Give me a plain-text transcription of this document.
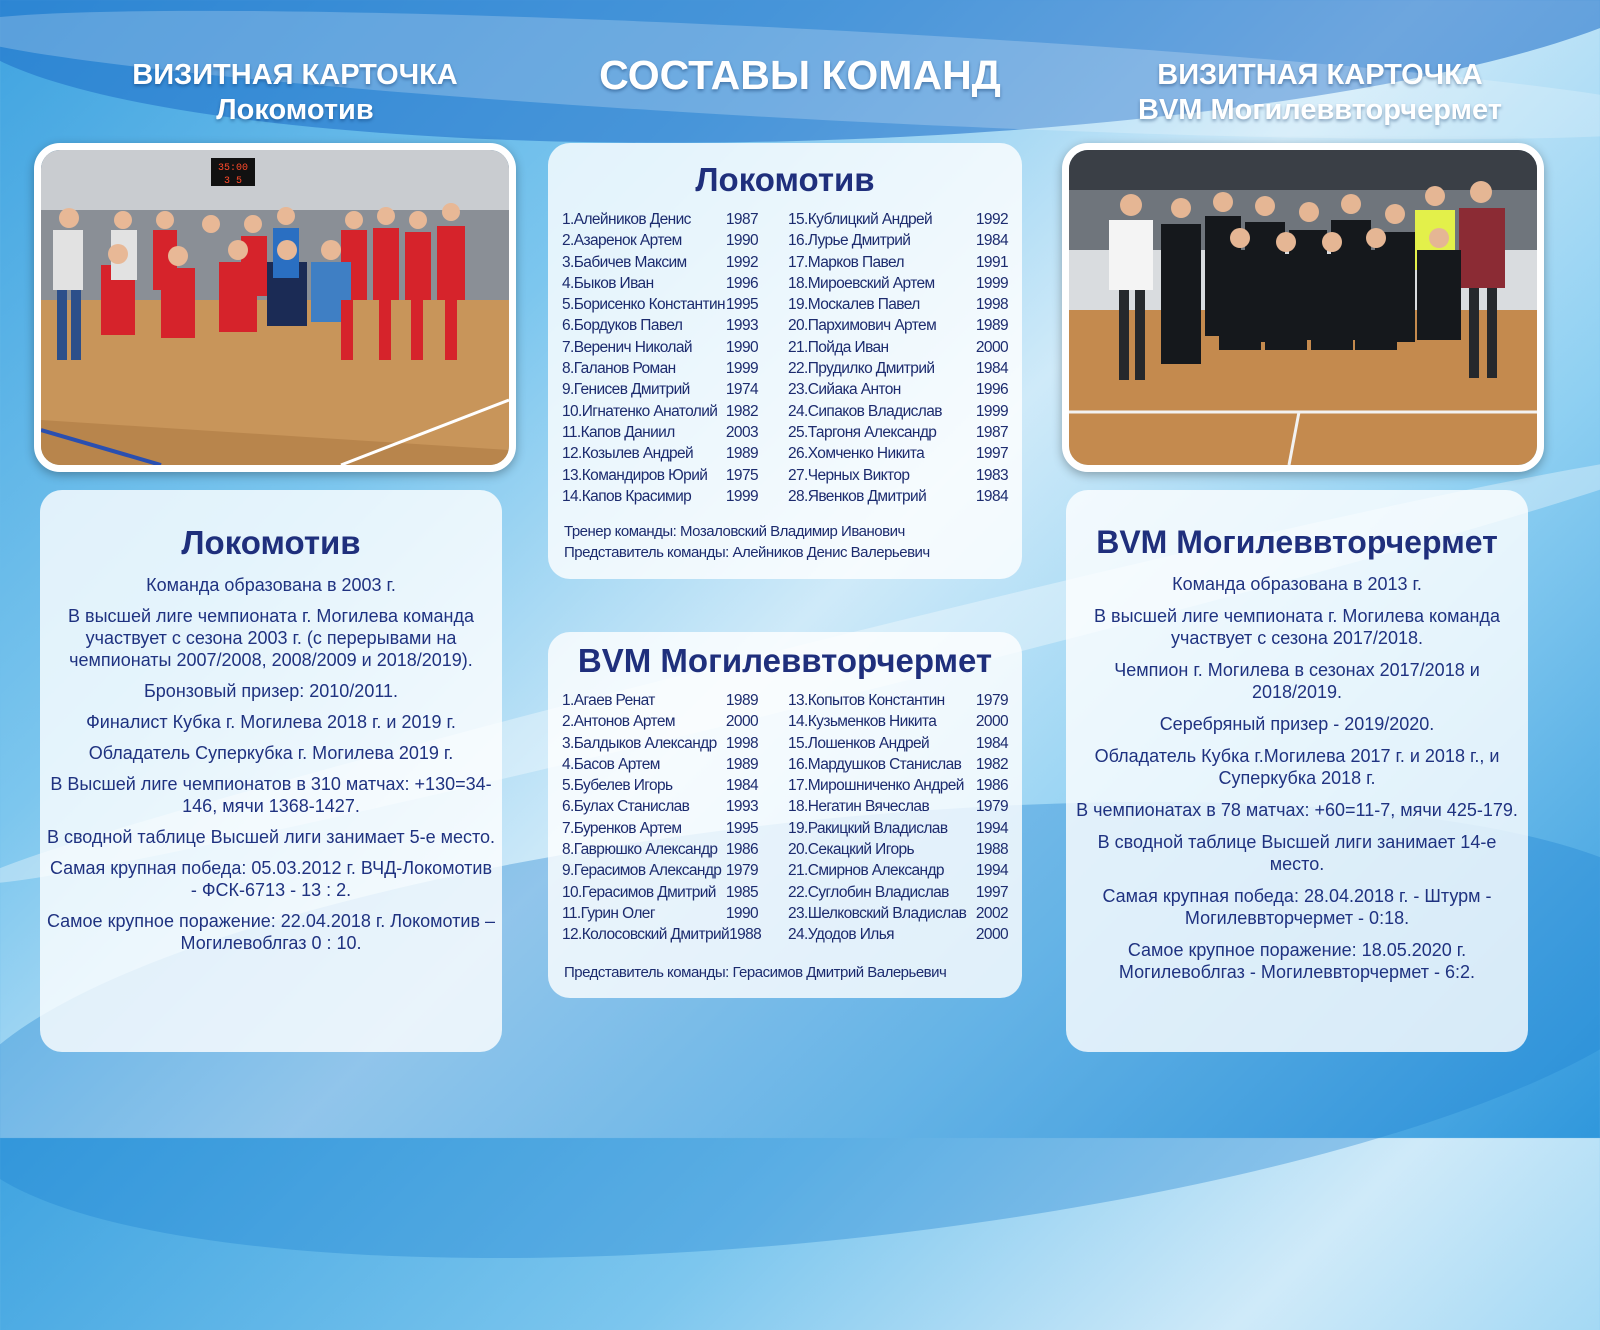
ВИЗИТНАЯ КАРТОЧКА
Локомотив
СОСТАВЫ КОМАНД	ВИЗИТНАЯ КАРТОЧКА
BVM Могилеввторчермет
35:00
3 5
Локомотив
Команда образована в 2003 г.
В высшей лиге чемпионата г. Могилева команда участвует с сезона 2003 г. (с перерывами на чемпионаты 2007/2008, 2008/2009 и 2018/2019).
Бронзовый призер: 2010/2011.
Финалист Кубка г. Могилева 2018 г. и 2019 г.
Обладатель Суперкубка г. Могилева 2019 г.
В Высшей лиге чемпионатов в 310 матчах: +130=34-146, мячи 1368-1427.
В сводной таблице Высшей лиги занимает 5-е место.
Самая крупная победа: 05.03.2012 г. ВЧД-Локомотив - ФСК-6713 - 13 : 2.
Самое крупное поражение: 22.04.2018 г. Локомотив – Могилевоблгаз 0 : 10.
BVM Могилеввторчермет
Команда образована в 2013 г.
В высшей лиге чемпионата г. Могилева команда участвует с сезона 2017/2018.
Чемпион г. Могилева в сезонах 2017/2018 и 2018/2019.
Серебряный призер - 2019/2020.
Обладатель Кубка г.Могилева 2017 г. и 2018 г., и Суперкубка 2018 г.
В чемпионатах в 78 матчах: +60=11-7, мячи 425-179.
В сводной таблице Высшей лиги занимает 14-е место.
Самая крупная победа: 28.04.2018 г. - Штурм - Могилеввторчермет - 0:18.
Самое крупное поражение: 18.05.2020 г. Могилевоблгаз - Могилеввторчермет - 6:2.
Локомотив
1.Алейников Денис 1987
2.Азаренок Артем	1990
3.Бабичев Максим	1992
4.Быков Иван	1996
5.Борисенко Константин 1995
6.Бордуков Павел	1993
7.Веренич Николай 1990
8.Галанов Роман	1999
9.Генисев Дмитрий 1974
10.Игнатенко Анатолий 1982
11.Капов Даниил	2003
12.Козылев Андрей 1989
13.Командиров Юрий 1975
14.Капов Красимир 1999
15.Кублицкий Андрей	1992
16.Лурье Дмитрий	1984
17.Марков Павел	1991
18.Мироевский Артем	1999
19.Москалев Павел	1998
20.Пархимович Артем	1989
21.Пойда Иван	2000
22.Прудилко Дмитрий	1984
23.Сийака Антон	1996
24.Сипаков Владислав 1999
25.Таргоня Александр	1987
26.Хомченко Никита	1997
27.Черных Виктор	1983
28.Явенков Дмитрий	1984
Тренер команды: Мозаловский Владимир Иванович
Представитель команды: Алейников Денис Валерьевич
BVM Могилеввторчермет
1.Агаев Ренат	1989
2.Антонов Артем	2000
3.Балдыков Александр 1998
4.Басов Артем	1989
5.Бубелев Игорь	1984
6.Булах Станислав 1993
7.Буренков Артем	1995
8.Гаврюшко Александр 1986
9.Герасимов Александр 1979
10.Герасимов Дмитрий 1985
11.Гурин Олег	1990
12.Колосовский Дмитрий 1988
13.Копытов Константин 1979
14.Кузьменков Никита	2000
15.Лошенков Андрей	1984
16.Мардушков Станислав 1982
17.Мирошниченко Андрей 1986
18.Негатин Вячеслав	1979
19.Ракицкий Владислав 1994
20.Секацкий Игорь	1988
21.Смирнов Александр 1994
22.Суглобин Владислав 1997
23.Шелковский Владислав 2002
24.Удодов Илья	2000
Представитель команды: Герасимов Дмитрий Валерьевич
